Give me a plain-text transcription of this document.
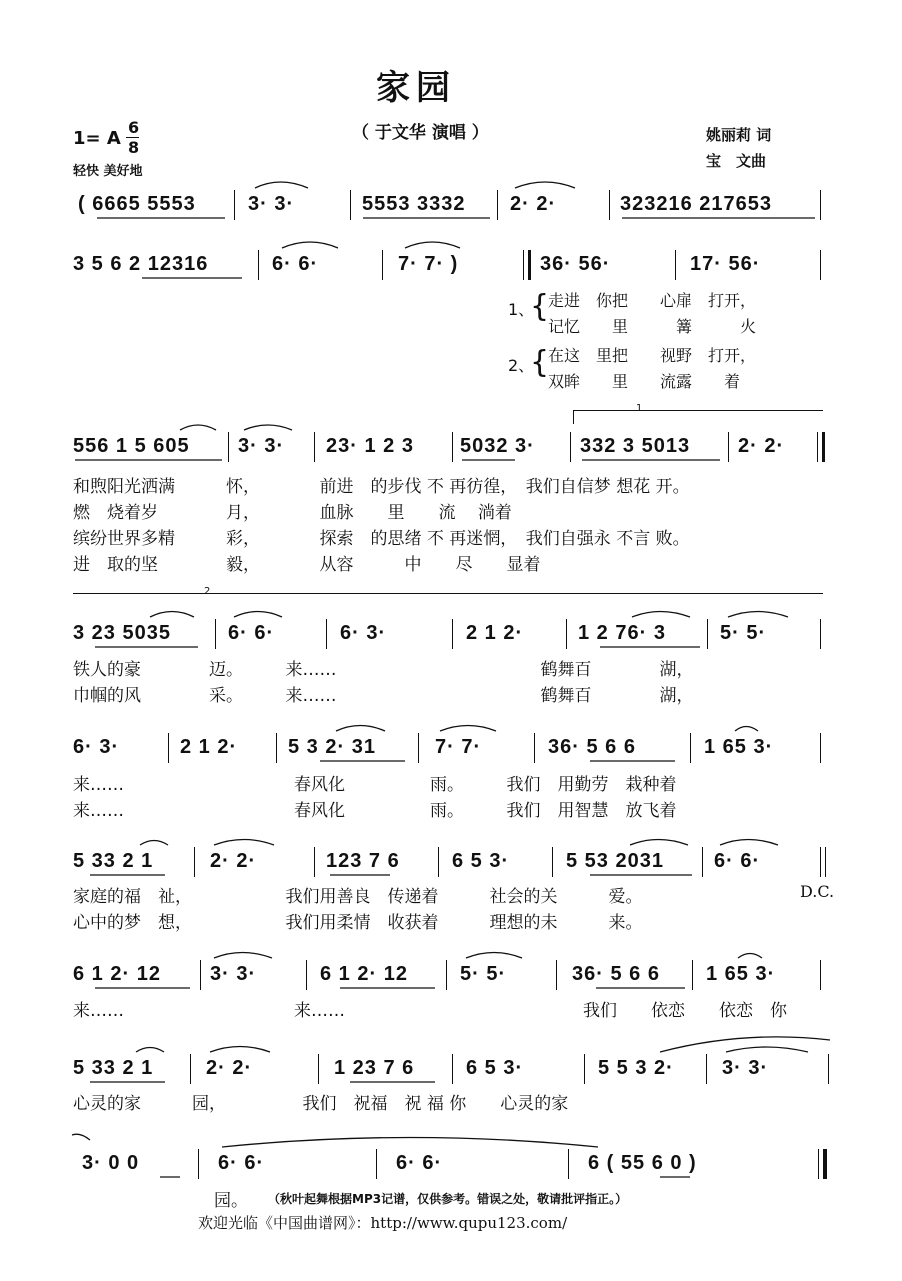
家园
（ 于文华 演唱 ）
1= A
6
8
轻快 美好地
姚丽莉 词
宝　文曲
( 6665 5553	3· 3·	5553 3332 2· 2·	323216 217653
3 5 6 2 12316	6· 6·	7· 7· )	36· 56·	17· 56·
1、
{
走进　你把　　心扉　打开，
记忆　　里　　　篝　　　火
2、
{
在这　里把　　视野　打开，
双眸　　里　　流露　　着
1
556 1 5 605 3· 3· 23· 1 2 3 5032 3· 332 3 5013 2· 2·
和煦阳光洒满　　　怀，　　　　前进　的步伐 不 再彷徨，　我们自信梦 想花 开。
燃　烧着岁　　　　月，　　　　血脉　　里　　流　 淌着
缤纷世界多精　　　彩，　　　　探索　的思绪 不 再迷惘，　我们自强永 不言 败。
进　取的坚　　　　毅，　　　　从容　　　中　　尽　　显着
2
3 23 5035	6· 6·	6· 3·	2 1 2·	1 2 76· 3	5· 5·
铁人的豪　　　　迈。　　　来……　　　　　　　　　　　　鹤舞百　　　　湖，
巾帼的风　　　　采。　　　来……　　　　　　　　　　　　鹤舞百　　　　湖，
6· 3·	2 1 2·	5 3 2· 31	7· 7·	36· 5 6 6	1 65 3·
来……　　　　　　　　　　春风化　　　　　雨。　　　我们　用勤劳　栽种着
来……　　　　　　　　　　春风化　　　　　雨。　　　我们　用智慧　放飞着
5 33 2 1	2· 2·	123 7 6	6 5 3·	5 53 2031	6· 6·
家庭的福　祉，　　　　　　我们用善良　传递着　　　社会的关　　　爱。
心中的梦　想，　　　　　　我们用柔情　收获着　　　理想的未　　　来。
D.C.
6 1 2· 12 3· 3·	6 1 2· 12	5· 5·	36· 5 6 6 1 65 3·
来……　　　　　　　　　　来……　　　　　　　　　　　　　　我们　　依恋　　依恋　你
5 33 2 1	2· 2·	1 23 7 6	6 5 3·	5 5 3 2· 3· 3·
心灵的家　　　园，　　　　　我们　祝福　祝 福 你　　心灵的家
3· 0 0	6· 6·	6· 6·	6 ( 55 6 0 )
园。 （秋叶起舞根据MP3记谱，仅供参考。错误之处，敬请批评指正。）
欢迎光临《中国曲谱网》：http://www.qupu123.com/
